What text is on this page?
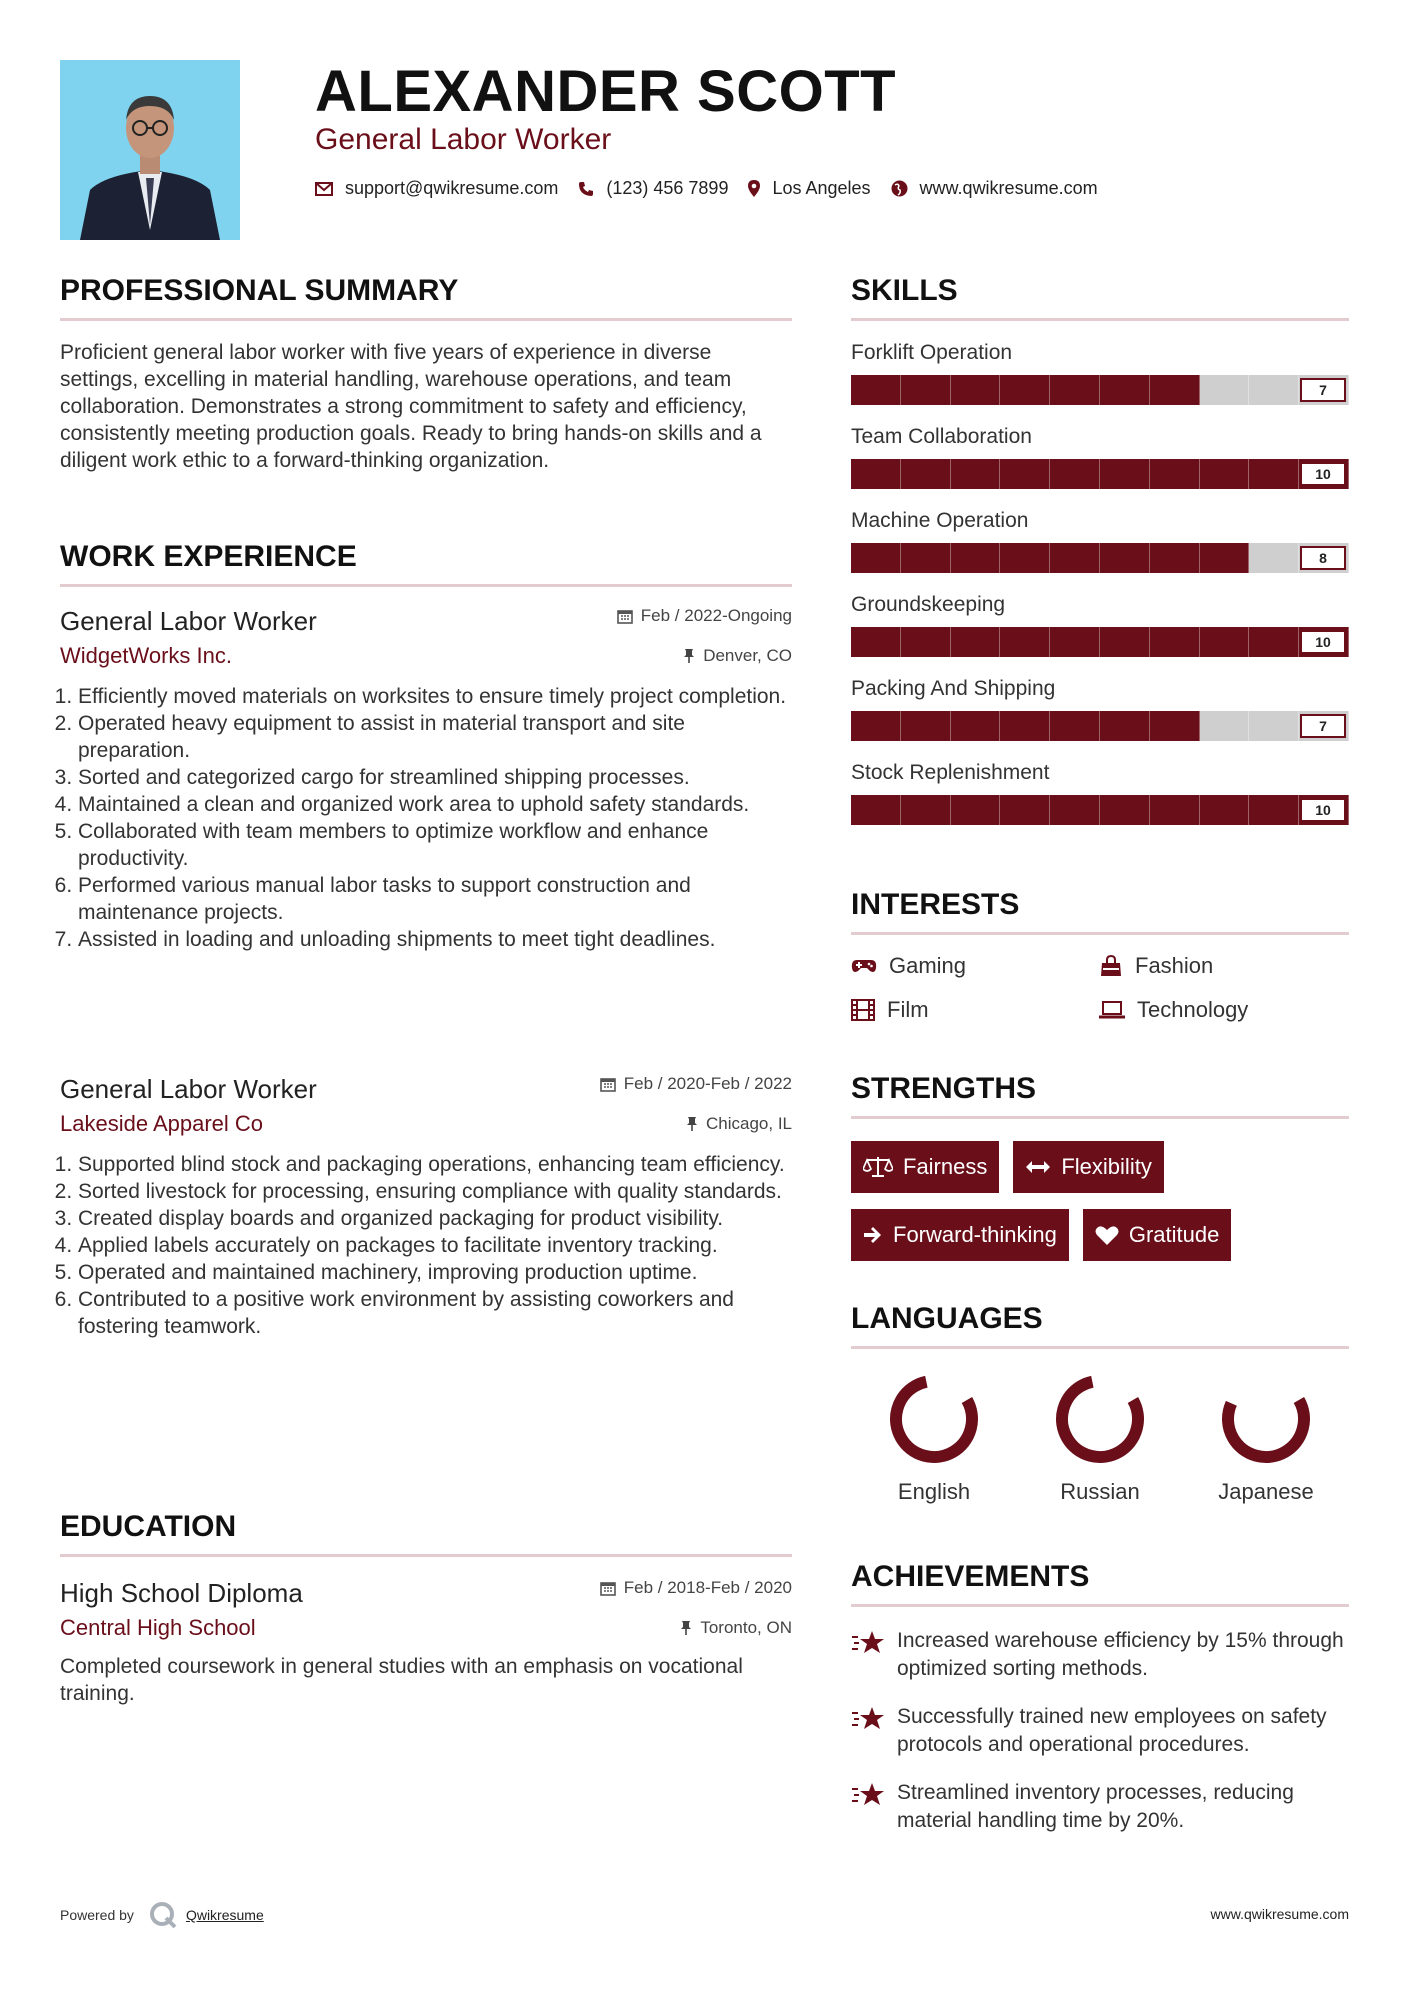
ALEXANDER SCOTT
General Labor Worker
support@qwikresume.com	(123) 456 7899 Los Angeles	www.qwikresume.com
PROFESSIONAL SUMMARY
Proficient general labor worker with five years of experience in diverse settings, excelling in material handling, warehouse operations, and team collaboration. Demonstrates a strong commitment to safety and efficiency, consistently meeting production goals. Ready to bring hands-on skills and a diligent work ethic to a forward-thinking organization.
WORK EXPERIENCE
General Labor Worker	Feb / 2022-Ongoing
WidgetWorks Inc.	Denver, CO
1. Efficiently moved materials on worksites to ensure timely project completion.
2. Operated heavy equipment to assist in material transport and site preparation.
3. Sorted and categorized cargo for streamlined shipping processes.
4. Maintained a clean and organized work area to uphold safety standards.
5. Collaborated with team members to optimize workflow and enhance productivity.
6. Performed various manual labor tasks to support construction and maintenance projects.
7. Assisted in loading and unloading shipments to meet tight deadlines.
General Labor Worker	Feb / 2020-Feb / 2022
Lakeside Apparel Co	Chicago, IL
1. Supported blind stock and packaging operations, enhancing team efficiency.
2. Sorted livestock for processing, ensuring compliance with quality standards.
3. Created display boards and organized packaging for product visibility.
4. Applied labels accurately on packages to facilitate inventory tracking.
5. Operated and maintained machinery, improving production uptime.
6. Contributed to a positive work environment by assisting coworkers and fostering teamwork.
EDUCATION
High School Diploma	Feb / 2018-Feb / 2020
Central High School	Toronto, ON
Completed coursework in general studies with an emphasis on vocational training.
SKILLS
Forklift Operation
7
Team Collaboration
10
Machine Operation
8
Groundskeeping
10
Packing And Shipping
7
Stock Replenishment
10
INTERESTS
Gaming	Fashion
Film	Technology
STRENGTHS
Fairness	Flexibility
Forward-thinking	Gratitude
LANGUAGES
English	Russian	Japanese
ACHIEVEMENTS
Increased warehouse efficiency by 15% through optimized sorting methods.
Successfully trained new employees on safety protocols and operational procedures.
Streamlined inventory processes, reducing material handling time by 20%.
Powered by	Qwikresume	www.qwikresume.com
